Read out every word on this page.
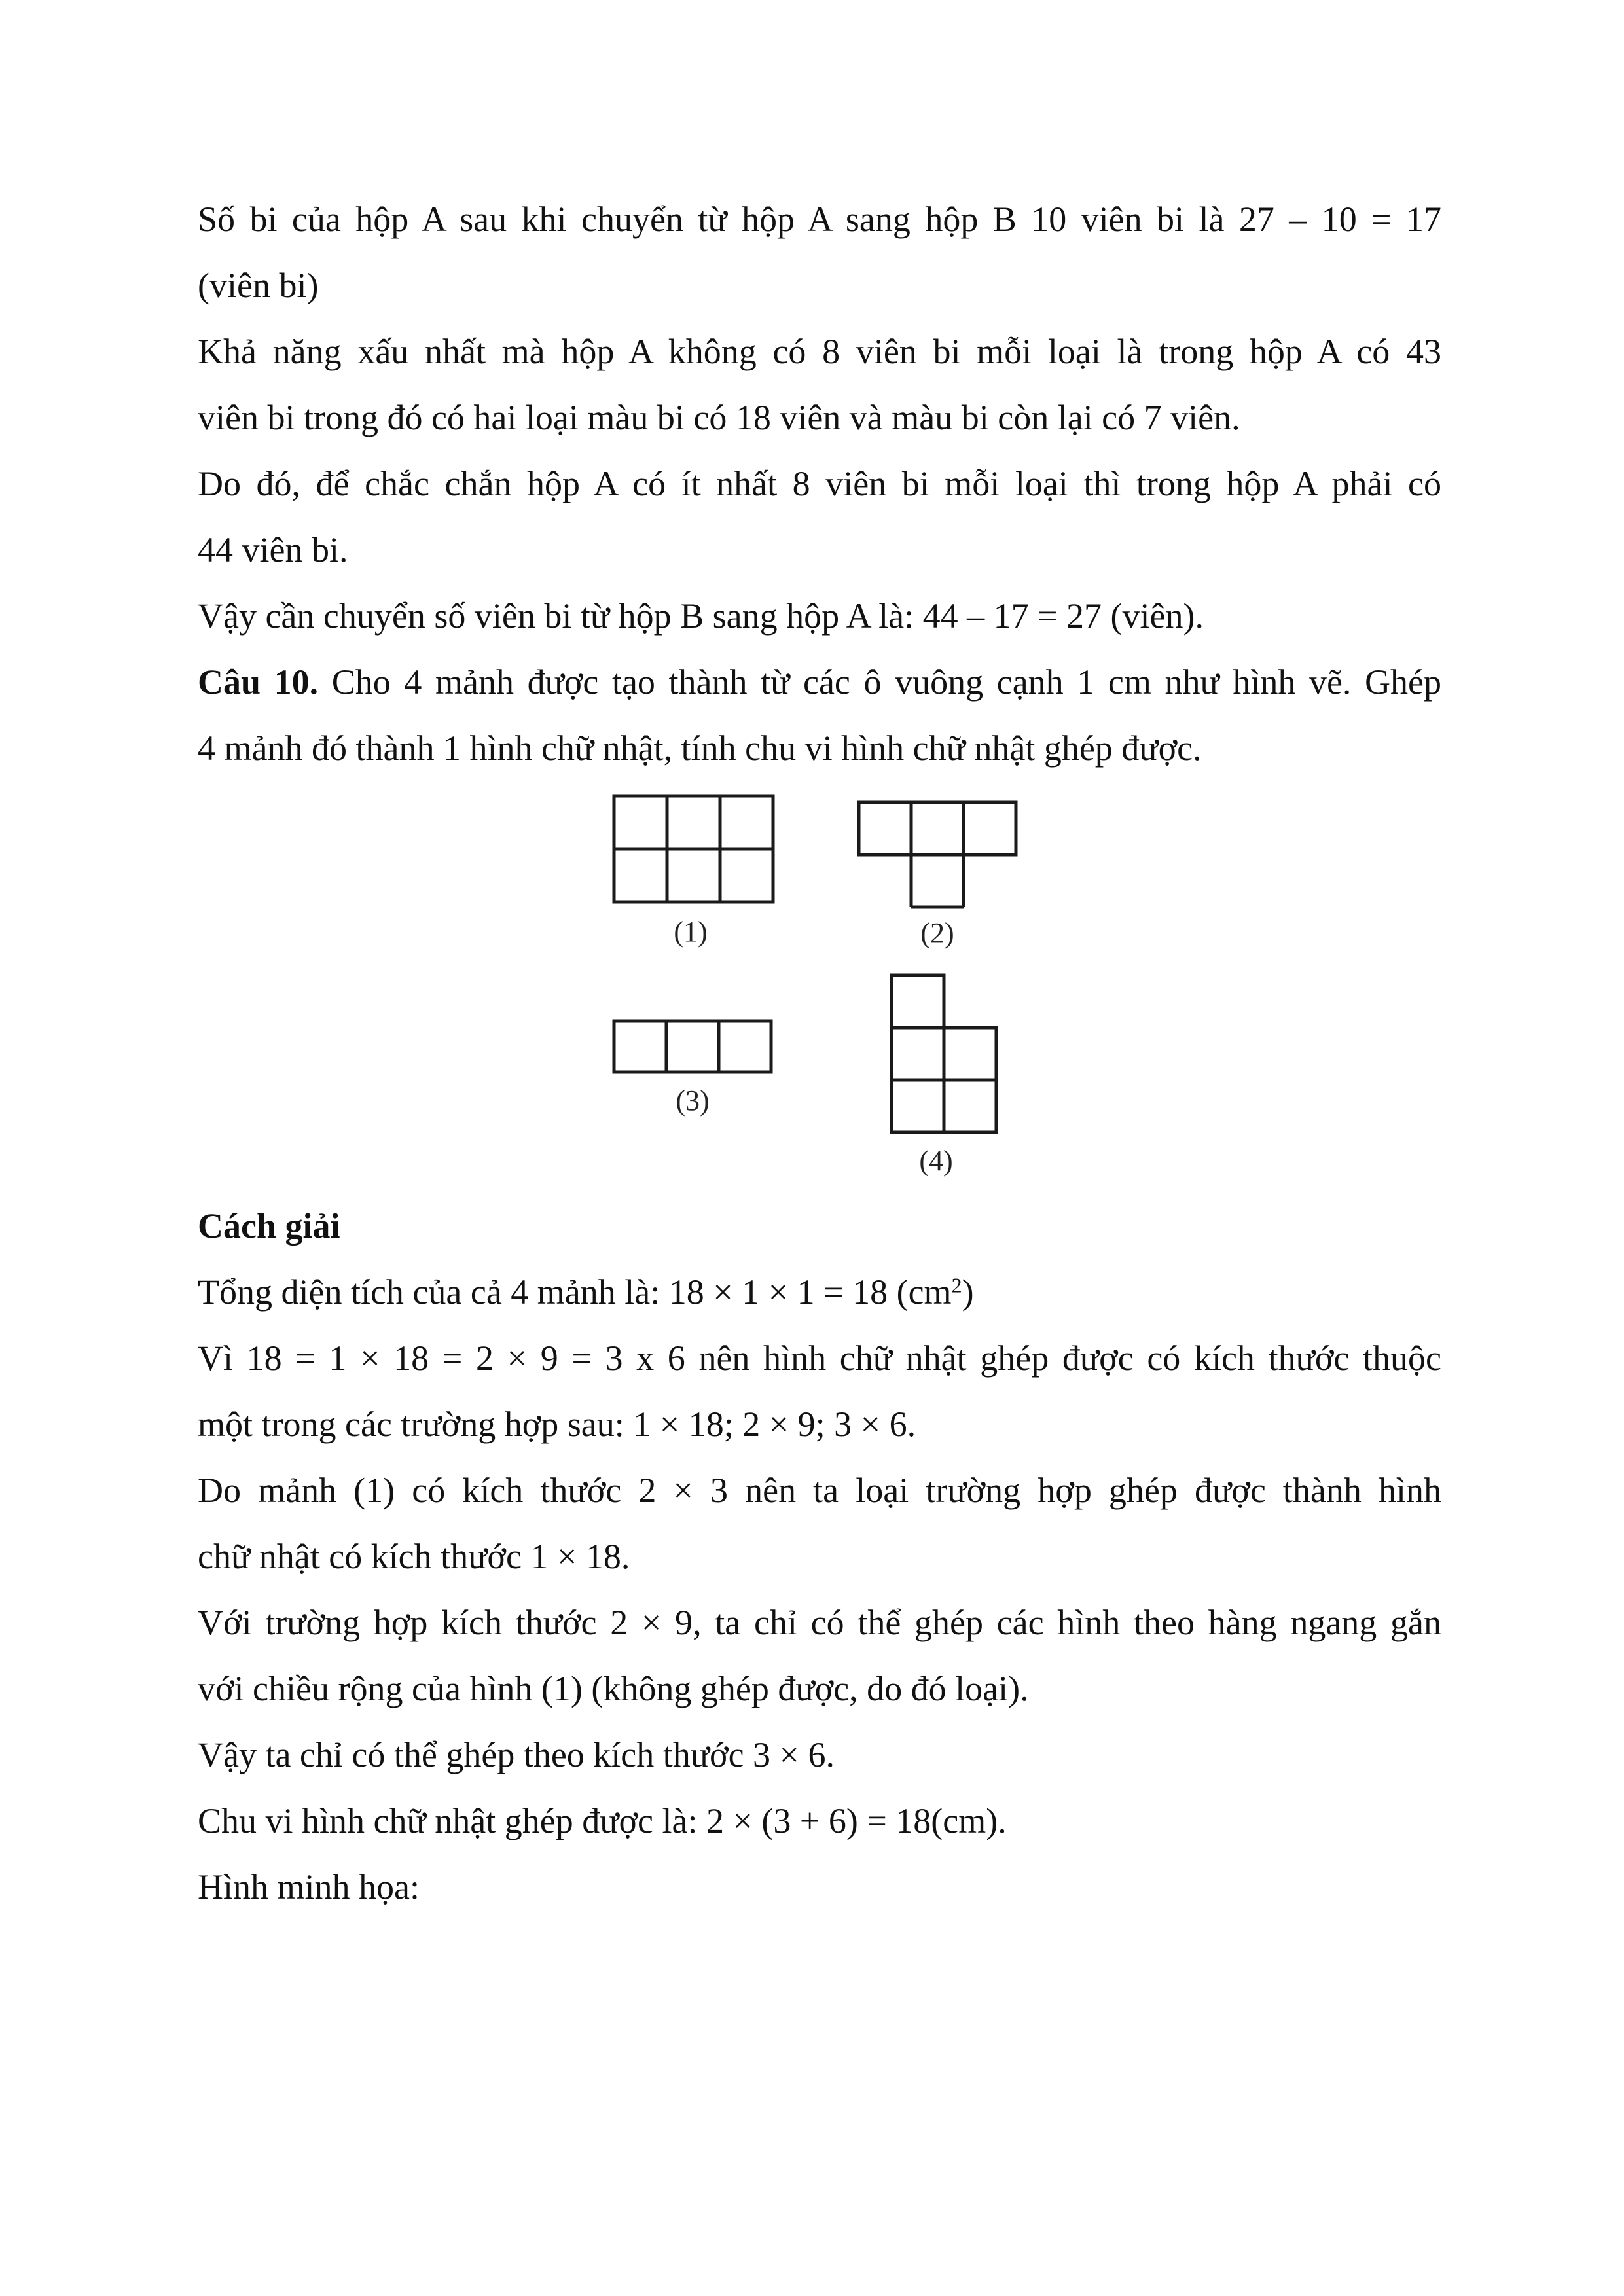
Số bi của hộp A sau khi chuyển từ hộp A sang hộp B 10 viên bi là 27 – 10 = 17
(viên bi)
Khả năng xấu nhất mà hộp A không có 8 viên bi mỗi loại là trong hộp A có 43
viên bi trong đó có hai loại màu bi có 18 viên và màu bi còn lại có 7 viên.
Do đó, để chắc chắn hộp A có ít nhất 8 viên bi mỗi loại thì trong hộp A phải có
44 viên bi.
Vậy cần chuyển số viên bi từ hộp B sang hộp A là: 44 – 17 = 27 (viên).
Câu 10. Cho 4 mảnh được tạo thành từ các ô vuông cạnh 1 cm như hình vẽ. Ghép
4 mảnh đó thành 1 hình chữ nhật, tính chu vi hình chữ nhật ghép được.
(1)	(2)
(3)
(4)
Cách giải
Tổng diện tích của cả 4 mảnh là: 18 × 1 × 1 = 18 $(cm^2)$
Vì 18 = 1 × 18 = 2 × 9 = 3 x 6 nên hình chữ nhật ghép được có kích thước thuộc
một trong các trường hợp sau: 1 × 18; 2 × 9; 3 × 6.
Do mảnh (1) có kích thước 2 × 3 nên ta loại trường hợp ghép được thành hình
chữ nhật có kích thước 1 × 18.
Với trường hợp kích thước 2 × 9, ta chỉ có thể ghép các hình theo hàng ngang gắn
với chiều rộng của hình (1) (không ghép được, do đó loại).
Vậy ta chỉ có thể ghép theo kích thước 3 × 6.
Chu vi hình chữ nhật ghép được là: 2 × (3 + 6) = 18(cm).
Hình minh họa:
